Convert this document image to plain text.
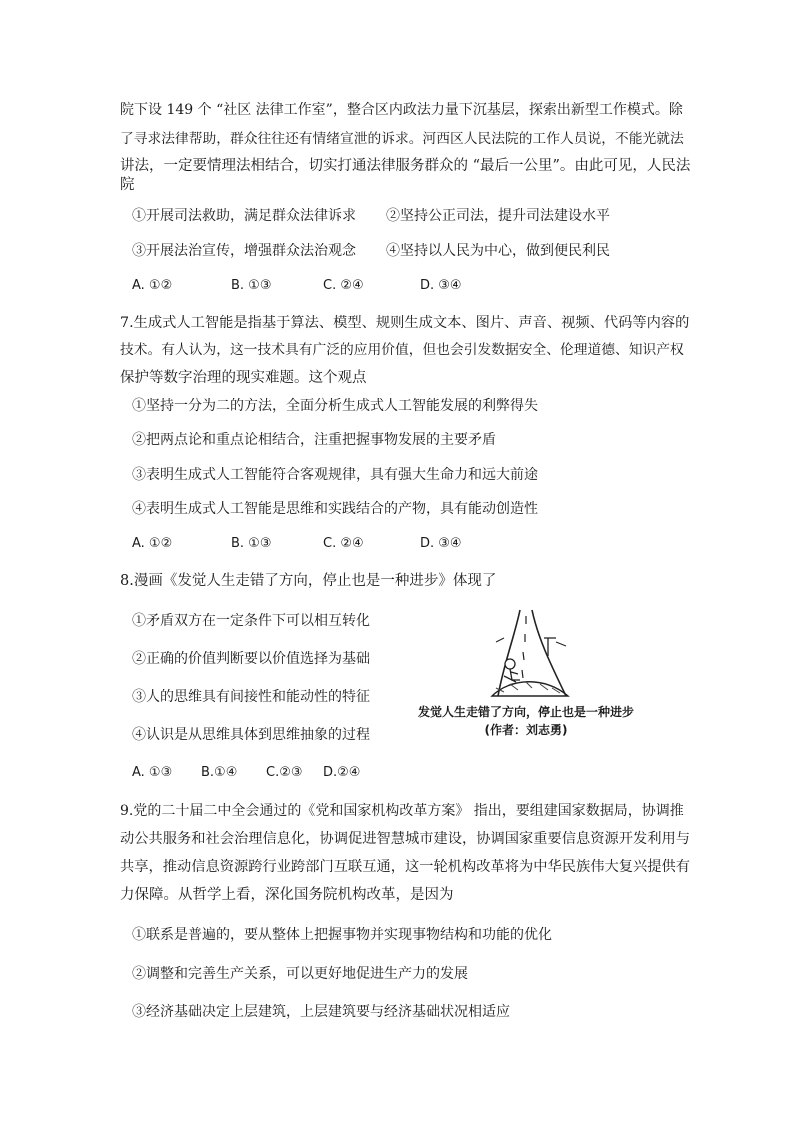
院下设 149 个 “社区 法律工作室”，整合区内政法力量下沉基层，探索出新型工作模式。除
了寻求法律帮助，群众往往还有情绪宣泄的诉求。河西区人民法院的工作人员说，不能光就法
讲法，一定要情理法相结合，切实打通法律服务群众的 “最后一公里”。由此可见，人民法
院
①开展司法救助，满足群众法律诉求 ②坚持公正司法，提升司法建设水平
③开展法治宣传，增强群众法治观念 ④坚持以人民为中心，做到便民利民
A. ①②	B. ①③	C. ②④	D. ③④
7.生成式人工智能是指基于算法、模型、规则生成文本、图片、声音、视频、代码等内容的
技术。有人认为，这一技术具有广泛的应用价值，但也会引发数据安全、伦理道德、知识产权
保护等数字治理的现实难题。这个观点
①坚持一分为二的方法，全面分析生成式人工智能发展的利弊得失
②把两点论和重点论相结合，注重把握事物发展的主要矛盾
③表明生成式人工智能符合客观规律，具有强大生命力和远大前途
④表明生成式人工智能是思维和实践结合的产物，具有能动创造性
A. ①②	B. ①③	C. ②④	D. ③④
8.漫画《发觉人生走错了方向，停止也是一种进步》体现了
①矛盾双方在一定条件下可以相互转化
②正确的价值判断要以价值选择为基础
③人的思维具有间接性和能动性的特征
④认识是从思维具体到思维抽象的过程
发觉人生走错了方向，停止也是一种进步
(作者：刘志勇)
A. ①③ B.①④ C.②③ D.②④
9.党的二十届二中全会通过的《党和国家机构改革方案》 指出，要组建国家数据局，协调推
动公共服务和社会治理信息化，协调促进智慧城市建设，协调国家重要信息资源开发利用与
共享，推动信息资源跨行业跨部门互联互通，这一轮机构改革将为中华民族伟大复兴提供有
力保障。从哲学上看，深化国务院机构改革，是因为
①联系是普遍的，要从整体上把握事物并实现事物结构和功能的优化
②调整和完善生产关系，可以更好地促进生产力的发展
③经济基础决定上层建筑，上层建筑要与经济基础状况相适应
